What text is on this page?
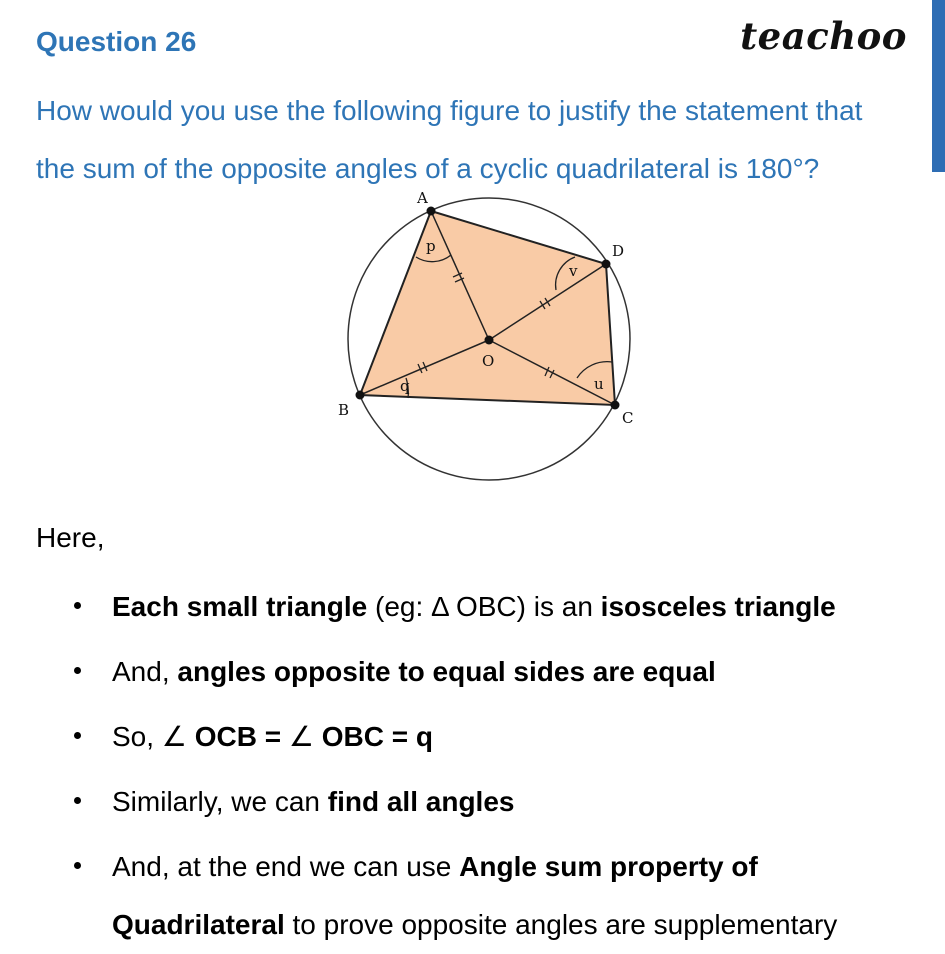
Question 26	teachoo
How would you use the following figure to justify the statement that
the sum of the opposite angles of a cyclic quadrilateral is 180°?
A
D
C
B
O
p
v
u
q
Here,
Each small triangle (eg: Δ OBC) is an isosceles triangle
And, angles opposite to equal sides are equal
So, ∠ OCB = ∠ OBC = q
Similarly, we can find all angles
And, at the end we can use Angle sum property of
Quadrilateral to prove opposite angles are supplementary
